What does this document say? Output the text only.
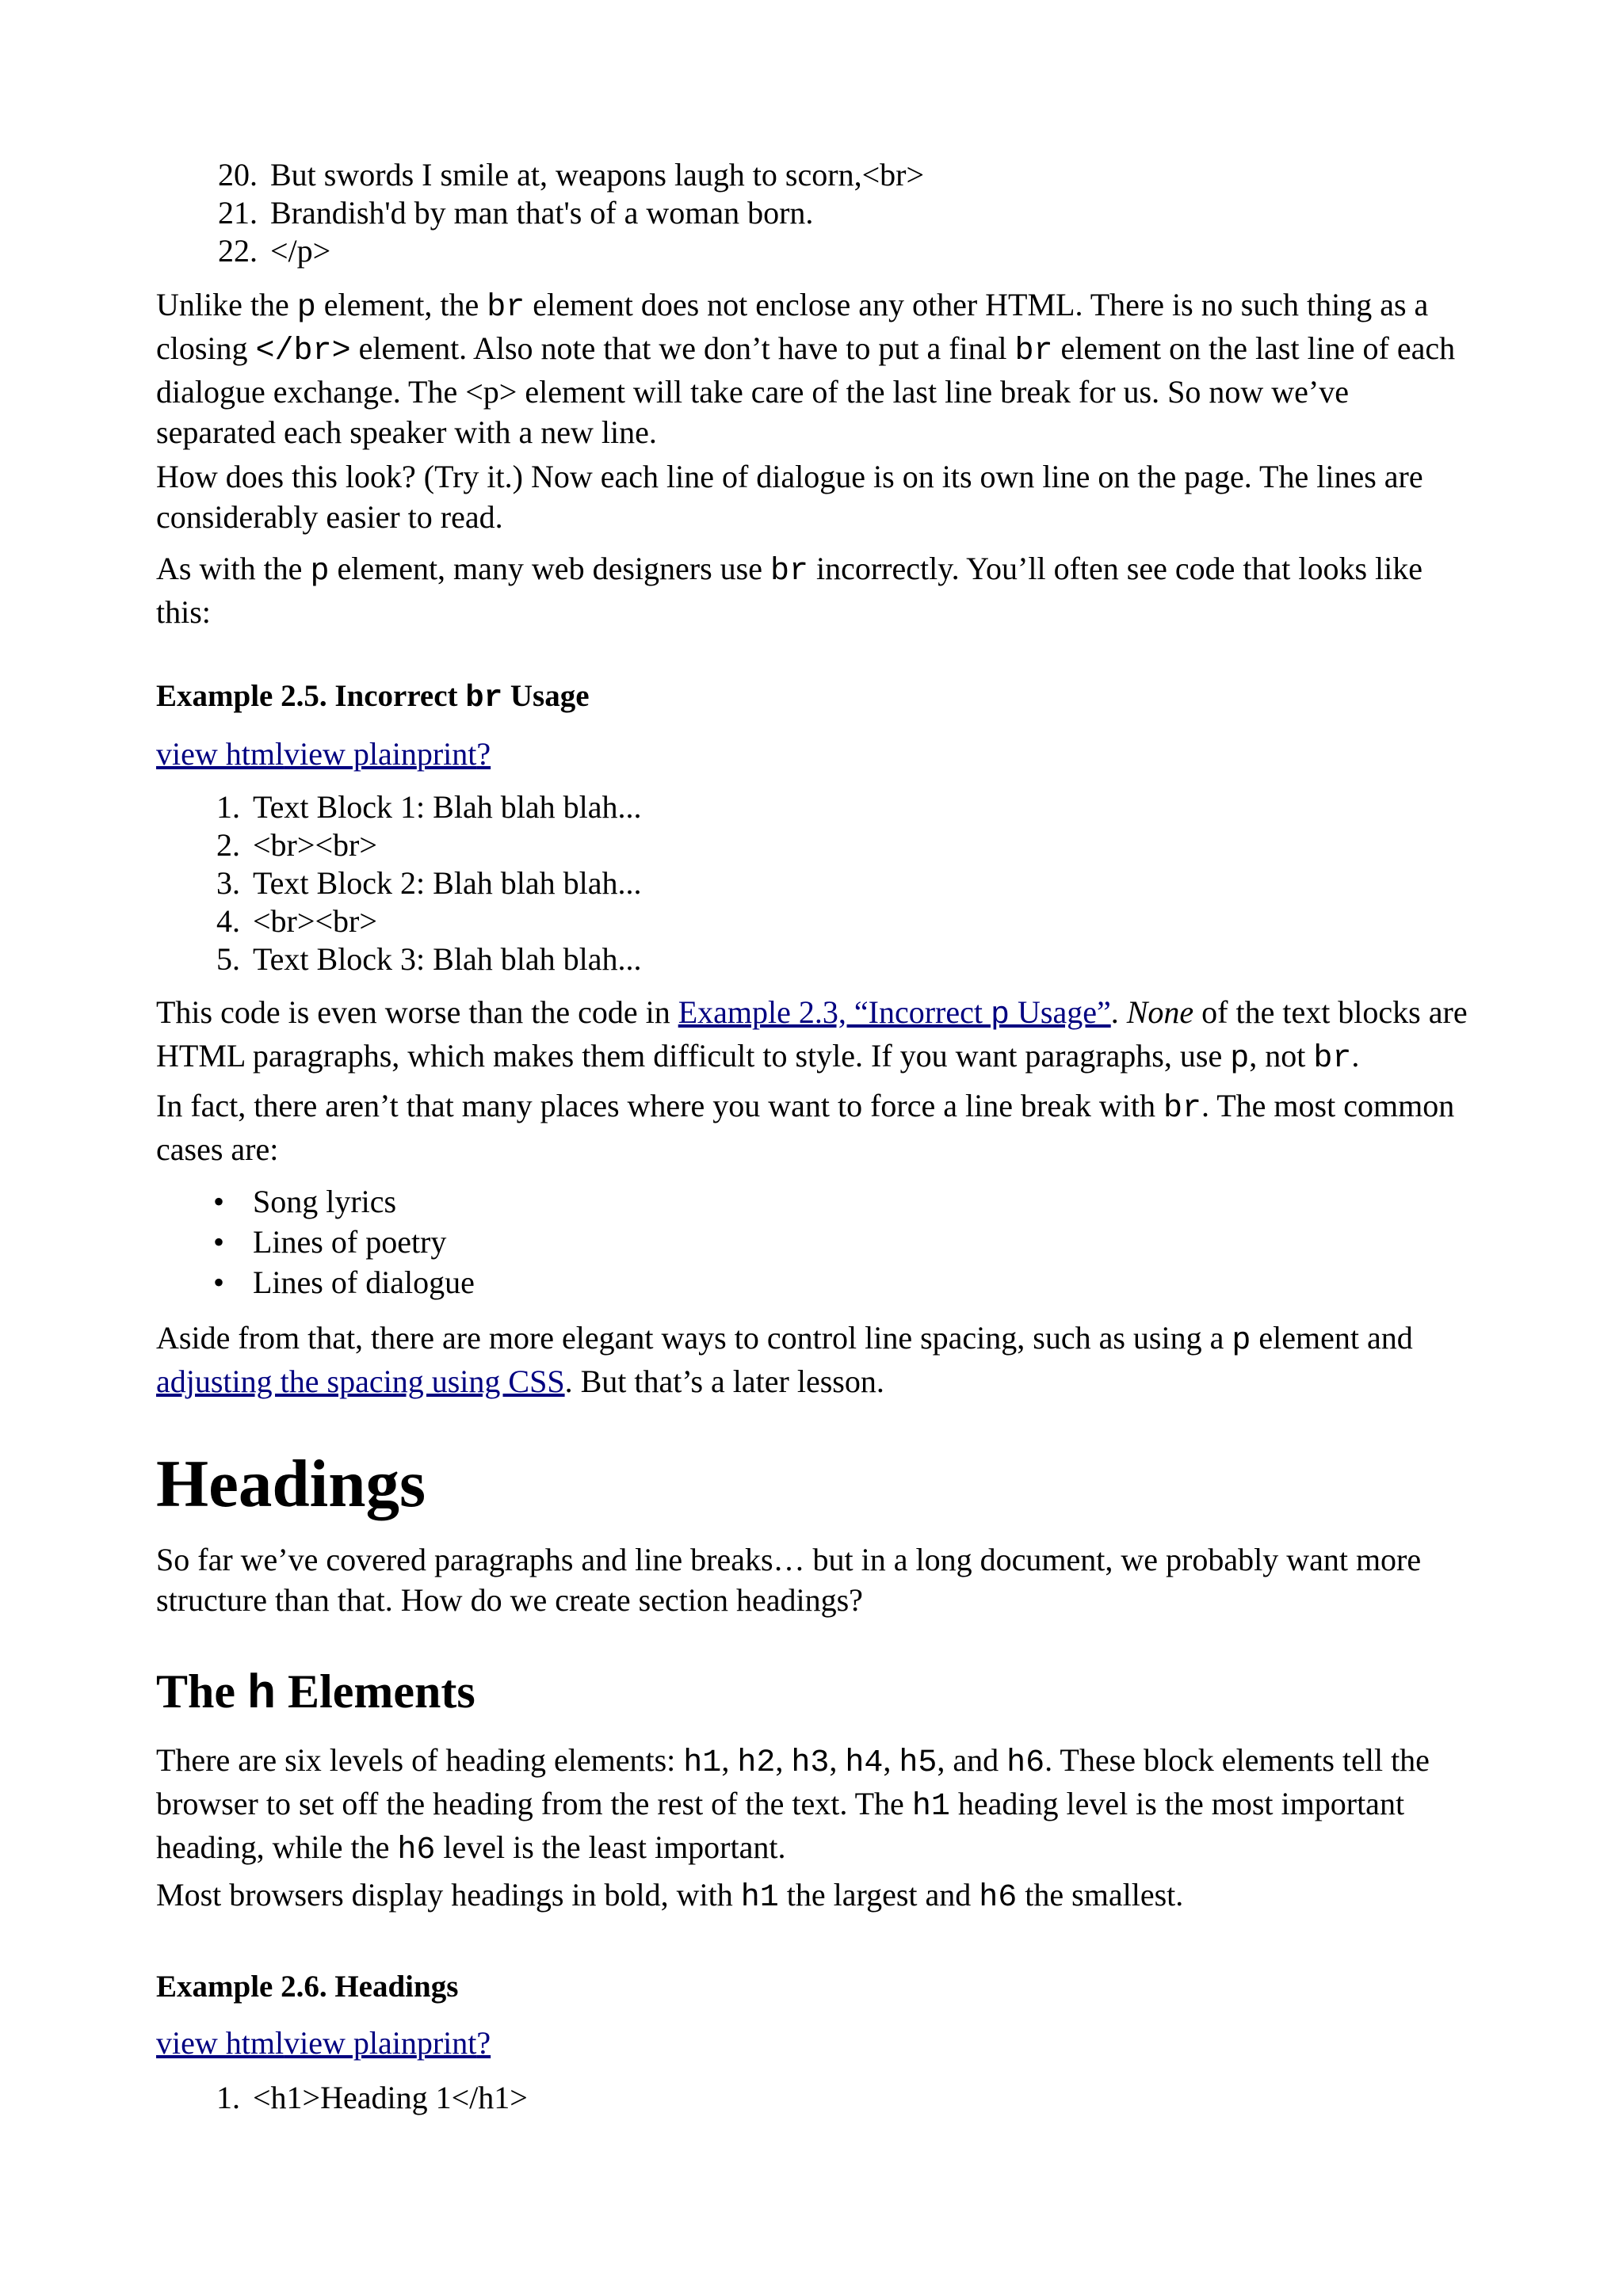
20. But swords I smile at, weapons laugh to scorn,<br>
21. Brandish'd by man that's of a woman born.
22. </p>

Unlike the p element, the br element does not enclose any other HTML. There is no such thing as a closing </br> element. Also note that we don’t have to put a final br element on the last line of each dialogue exchange. The <p> element will take care of the last line break for us. So now we’ve separated each speaker with a new line.

How does this look? (Try it.) Now each line of dialogue is on its own line on the page. The lines are considerably easier to read.

As with the p element, many web designers use br incorrectly. You’ll often see code that looks like this:

Example 2.5. Incorrect br Usage
view htmlview plainprint?
1. Text Block 1: Blah blah blah...
2. <br><br>
3. Text Block 2: Blah blah blah...
4. <br><br>
5. Text Block 3: Blah blah blah...

This code is even worse than the code in Example 2.3, “Incorrect p Usage”. None of the text blocks are HTML paragraphs, which makes them difficult to style. If you want paragraphs, use p, not br.

In fact, there aren’t that many places where you want to force a line break with br. The most common cases are:

• Song lyrics
• Lines of poetry
• Lines of dialogue

Aside from that, there are more elegant ways to control line spacing, such as using a p element and adjusting the spacing using CSS. But that’s a later lesson.

Headings

So far we’ve covered paragraphs and line breaks… but in a long document, we probably want more structure than that. How do we create section headings?

The h Elements

There are six levels of heading elements: h1, h2, h3, h4, h5, and h6. These block elements tell the browser to set off the heading from the rest of the text. The h1 heading level is the most important heading, while the h6 level is the least important.

Most browsers display headings in bold, with h1 the largest and h6 the smallest.

Example 2.6. Headings
view htmlview plainprint?
1. <h1>Heading 1</h1>
